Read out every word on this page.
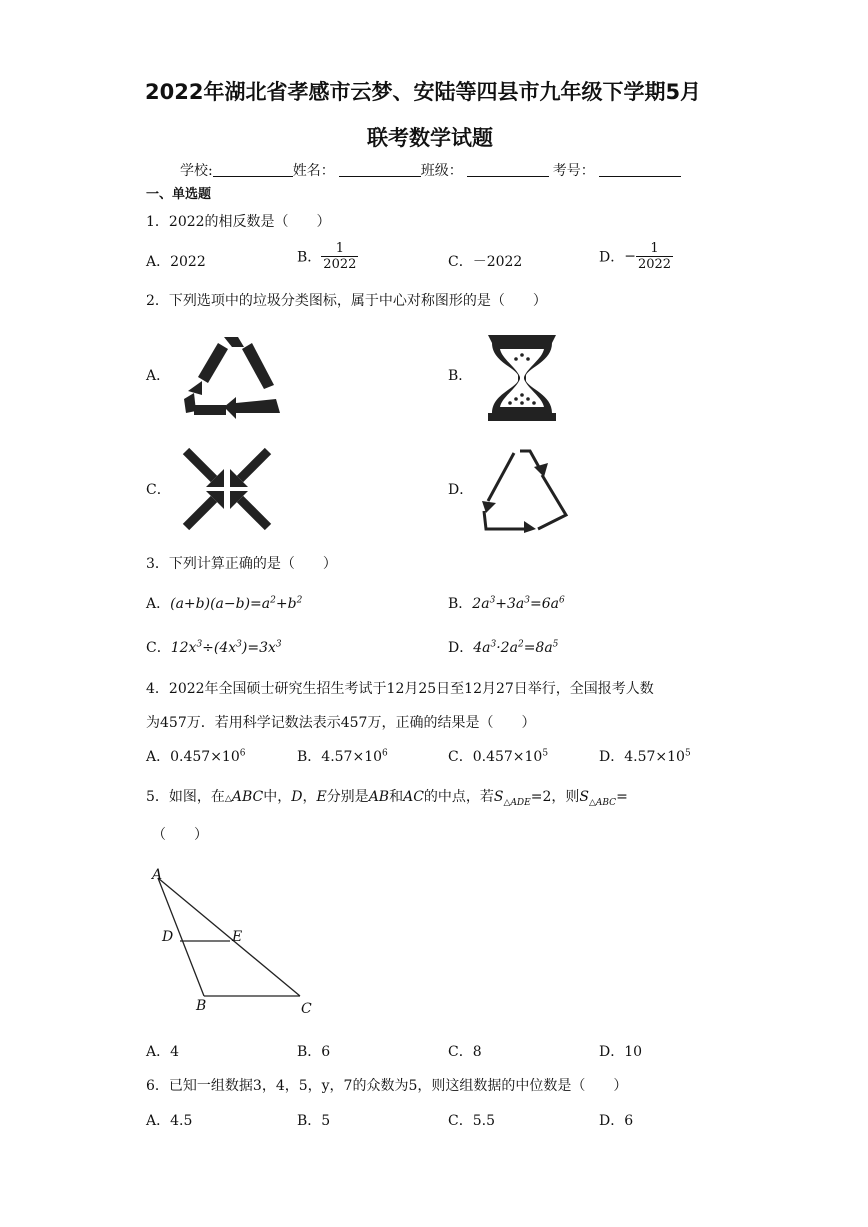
2022年湖北省孝感市云梦、安陆等四县市九年级下学期5月
联考数学试题
学校:	姓名：	班级：	考号：
一、单选题
1．2022的相反数是（　　）
A．2022	B． $\frac{1}{2022}$	C．－2022	D．− $\frac{1}{2022}$
2．下列选项中的垃圾分类图标，属于中心对称图形的是（　　）
A．	B．
C．	D．
3．下列计算正确的是（　　）
A．$(a+b)(a-b)=a^2+b^2$	B．$2a^3+3a^3=6a^6$
C．$12x^3\div(4x^3)=3x^3$	D．$4a^3\cdot 2a^2=8a^5$
4．2022年全国硕士研究生招生考试于12月25日至12月27日举行，全国报考人数
为457万．若用科学记数法表示457万，正确的结果是（　　）
A．$0.457\times 10^6$	B．$4.57\times 10^6$	C．$0.457\times 10^5$	D．$4.57\times 10^5$
5．如图，在△ABC中，D，E分别是AB和AC的中点，若$S_{\triangle ADE}=2$，则$S_{\triangle ABC}=$
（　　）
A
D	E
B	C
A．4	B．6	C．8	D．10
6．已知一组数据3，4，5，y，7的众数为5，则这组数据的中位数是（　　）
A．4.5	B．5	C．5.5	D．6
